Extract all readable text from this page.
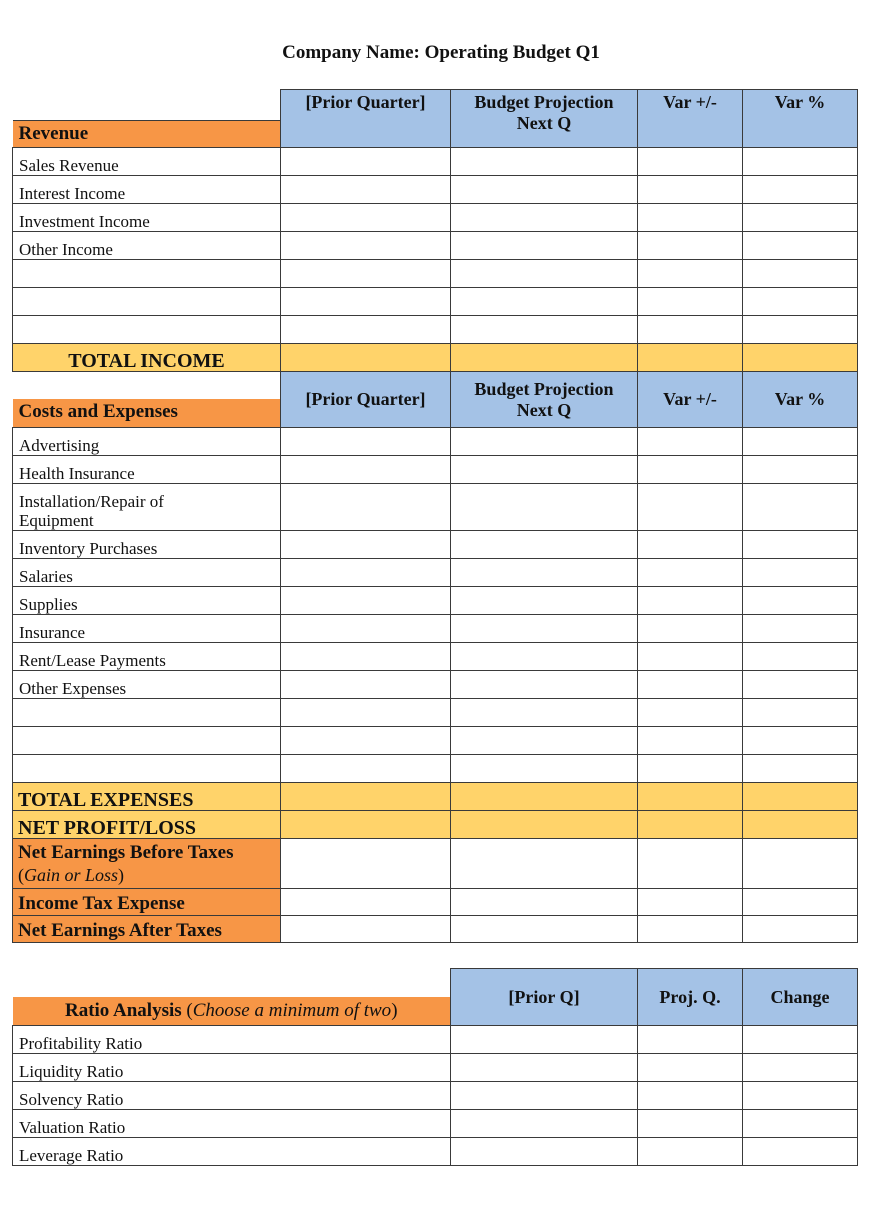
Company Name: Operating Budget Q1
Revenue	[Prior Quarter]	Budget Projection Next Q	Var +/-	Var %
Sales Revenue				
Interest Income				
Investment Income				
Other Income				

TOTAL INCOME				

Costs and Expenses	[Prior Quarter]	Budget Projection Next Q	Var +/-	Var %
Advertising				
Health Insurance				
Installation/Repair of Equipment				
Inventory Purchases				
Salaries				
Supplies				
Insurance				
Rent/Lease Payments				
Other Expenses				

TOTAL EXPENSES				
NET PROFIT/LOSS				

Net Earnings Before Taxes
(Gain or Loss)				

Income Tax Expense				
Net Earnings After Taxes				
Ratio Analysis (Choose a minimum of two)	[Prior Q]	Proj. Q.	Change
Profitability Ratio			
Liquidity Ratio			
Solvency Ratio			
Valuation Ratio			
Leverage Ratio			
